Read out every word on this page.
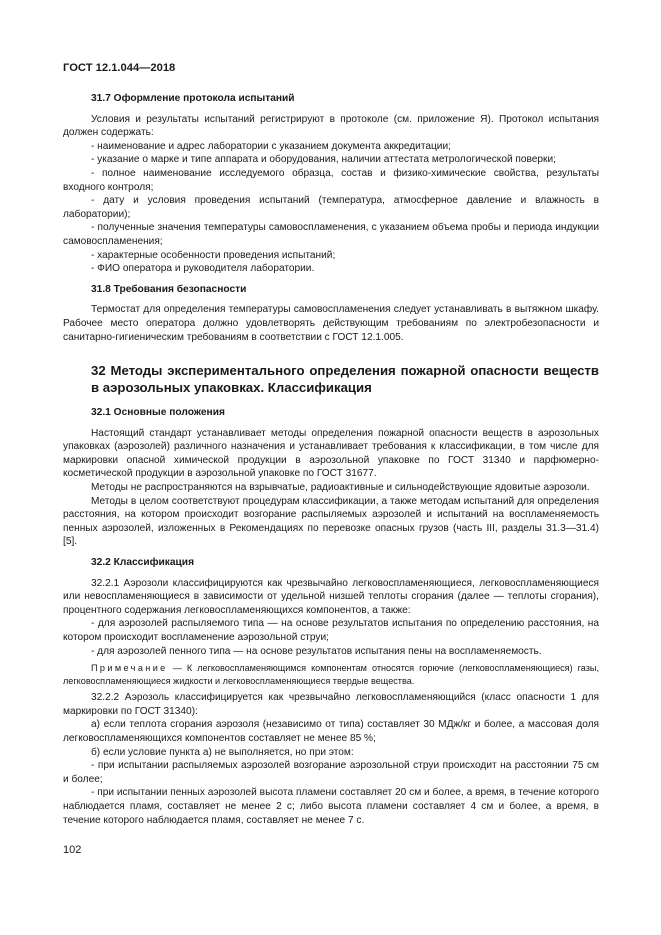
ГОСТ 12.1.044—2018
31.7 Оформление протокола испытаний

Условия и результаты испытаний регистрируют в протоколе (см. приложение Я). Протокол испытания должен содержать:

- наименование и адрес лаборатории с указанием документа аккредитации;

- указание о марке и типе аппарата и оборудования, наличии аттестата метрологической поверки;

- полное наименование исследуемого образца, состав и физико-химические свойства, результаты входного контроля;

- дату и условия проведения испытаний (температура, атмосферное давление и влажность в лаборатории);

- полученные значения температуры самовоспламенения, с указанием объема пробы и периода индукции самовоспламенения;

- характерные особенности проведения испытаний;

- ФИО оператора и руководителя лаборатории.

31.8 Требования безопасности

Термостат для определения температуры самовоспламенения следует устанавливать в вытяжном шкафу. Рабочее место оператора должно удовлетворять действующим требованиям по электробезопасности и санитарно-гигиеническим требованиям в соответствии с ГОСТ 12.1.005.

32 Методы экспериментального определения пожарной опасности веществ в аэрозольных упаковках. Классификация
32.1 Основные положения

Настоящий стандарт устанавливает методы определения пожарной опасности веществ в аэрозольных упаковках (аэрозолей) различного назначения и устанавливает требования к классификации, в том числе для маркировки опасной химической продукции в аэрозольной упаковке по ГОСТ 31340 и парфюмерно-косметической продукции в аэрозольной упаковке по ГОСТ 31677.

Методы не распространяются на взрывчатые, радиоактивные и сильнодействующие ядовитые аэрозоли.

Методы в целом соответствуют процедурам классификации, а также методам испытаний для определения расстояния, на котором происходит возгорание распыляемых аэрозолей и испытаний на воспламеняемость пенных аэрозолей, изложенных в Рекомендациях по перевозке опасных грузов (часть III, разделы 31.3—31.4) [5].

32.2 Классификация

32.2.1 Аэрозоли классифицируются как чрезвычайно легковоспламеняющиеся, легковоспламеняющиеся или невоспламеняющиеся в зависимости от удельной низшей теплоты сгорания (далее — теплоты сгорания), процентного содержания легковоспламеняющихся компонентов, а также:

- для аэрозолей распыляемого типа — на основе результатов испытания по определению расстояния, на котором происходит воспламенение аэрозольной струи;

- для аэрозолей пенного типа — на основе результатов испытания пены на воспламеняемость.

Примечание — К легковоспламеняющимся компонентам относятся горючие (легковоспламеняющиеся) газы, легковоспламеняющиеся жидкости и легковоспламеняющиеся твердые вещества.

32.2.2 Аэрозоль классифицируется как чрезвычайно легковоспламеняющийся (класс опасности 1 для маркировки по ГОСТ 31340):

а) если теплота сгорания аэрозоля (независимо от типа) составляет 30 МДж/кг и более, а массовая доля легковоспламеняющихся компонентов составляет не менее 85 %;

б) если условие пункта а) не выполняется, но при этом:

- при испытании распыляемых аэрозолей возгорание аэрозольной струи происходит на расстоянии 75 см и более;

- при испытании пенных аэрозолей высота пламени составляет 20 см и более, а время, в течение которого наблюдается пламя, составляет не менее 2 с; либо высота пламени составляет 4 см и более, а время, в течение которого наблюдается пламя, составляет не менее 7 с.

102
